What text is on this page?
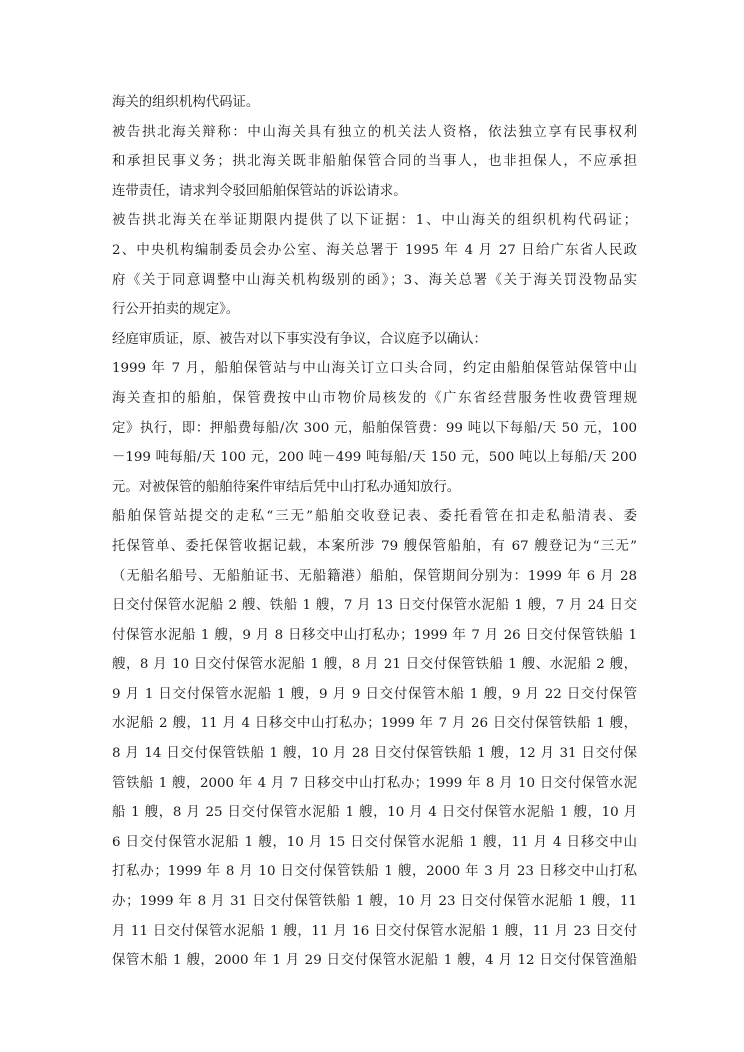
海关的组织机构代码证。
被告拱北海关辩称：中山海关具有独立的机关法人资格，依法独立享有民事权利
和承担民事义务；拱北海关既非船舶保管合同的当事人，也非担保人，不应承担
连带责任，请求判令驳回船舶保管站的诉讼请求。
被告拱北海关在举证期限内提供了以下证据：1、中山海关的组织机构代码证；
2、中央机构编制委员会办公室、海关总署于 1995 年 4 月 27 日给广东省人民政
府《关于同意调整中山海关机构级别的函》；3、海关总署《关于海关罚没物品实
行公开拍卖的规定》。
经庭审质证，原、被告对以下事实没有争议，合议庭予以确认：
1999 年 7 月，船舶保管站与中山海关订立口头合同，约定由船舶保管站保管中山
海关查扣的船舶，保管费按中山市物价局核发的《广东省经营服务性收费管理规
定》执行，即：押船费每船/次 300 元，船舶保管费：99 吨以下每船/天 50 元，100
－199 吨每船/天 100 元，200 吨－499 吨每船/天 150 元，500 吨以上每船/天 200
元。对被保管的船舶待案件审结后凭中山打私办通知放行。
船舶保管站提交的走私“三无”船舶交收登记表、委托看管在扣走私船清表、委
托保管单、委托保管收据记载，本案所涉 79 艘保管船舶，有 67 艘登记为“三无”
（无船名船号、无船舶证书、无船籍港）船舶，保管期间分别为：1999 年 6 月 28
日交付保管水泥船 2 艘、铁船 1 艘，7 月 13 日交付保管水泥船 1 艘，7 月 24 日交
付保管水泥船 1 艘，9 月 8 日移交中山打私办；1999 年 7 月 26 日交付保管铁船 1
艘，8 月 10 日交付保管水泥船 1 艘，8 月 21 日交付保管铁船 1 艘、水泥船 2 艘，
9 月 1 日交付保管水泥船 1 艘，9 月 9 日交付保管木船 1 艘，9 月 22 日交付保管
水泥船 2 艘，11 月 4 日移交中山打私办；1999 年 7 月 26 日交付保管铁船 1 艘，
8 月 14 日交付保管铁船 1 艘，10 月 28 日交付保管铁船 1 艘，12 月 31 日交付保
管铁船 1 艘，2000 年 4 月 7 日移交中山打私办；1999 年 8 月 10 日交付保管水泥
船 1 艘，8 月 25 日交付保管水泥船 1 艘，10 月 4 日交付保管水泥船 1 艘，10 月
6 日交付保管水泥船 1 艘，10 月 15 日交付保管水泥船 1 艘，11 月 4 日移交中山
打私办；1999 年 8 月 10 日交付保管铁船 1 艘，2000 年 3 月 23 日移交中山打私
办；1999 年 8 月 31 日交付保管铁船 1 艘，10 月 23 日交付保管水泥船 1 艘，11
月 11 日交付保管水泥船 1 艘，11 月 16 日交付保管水泥船 1 艘，11 月 23 日交付
保管木船 1 艘，2000 年 1 月 29 日交付保管水泥船 1 艘，4 月 12 日交付保管渔船
